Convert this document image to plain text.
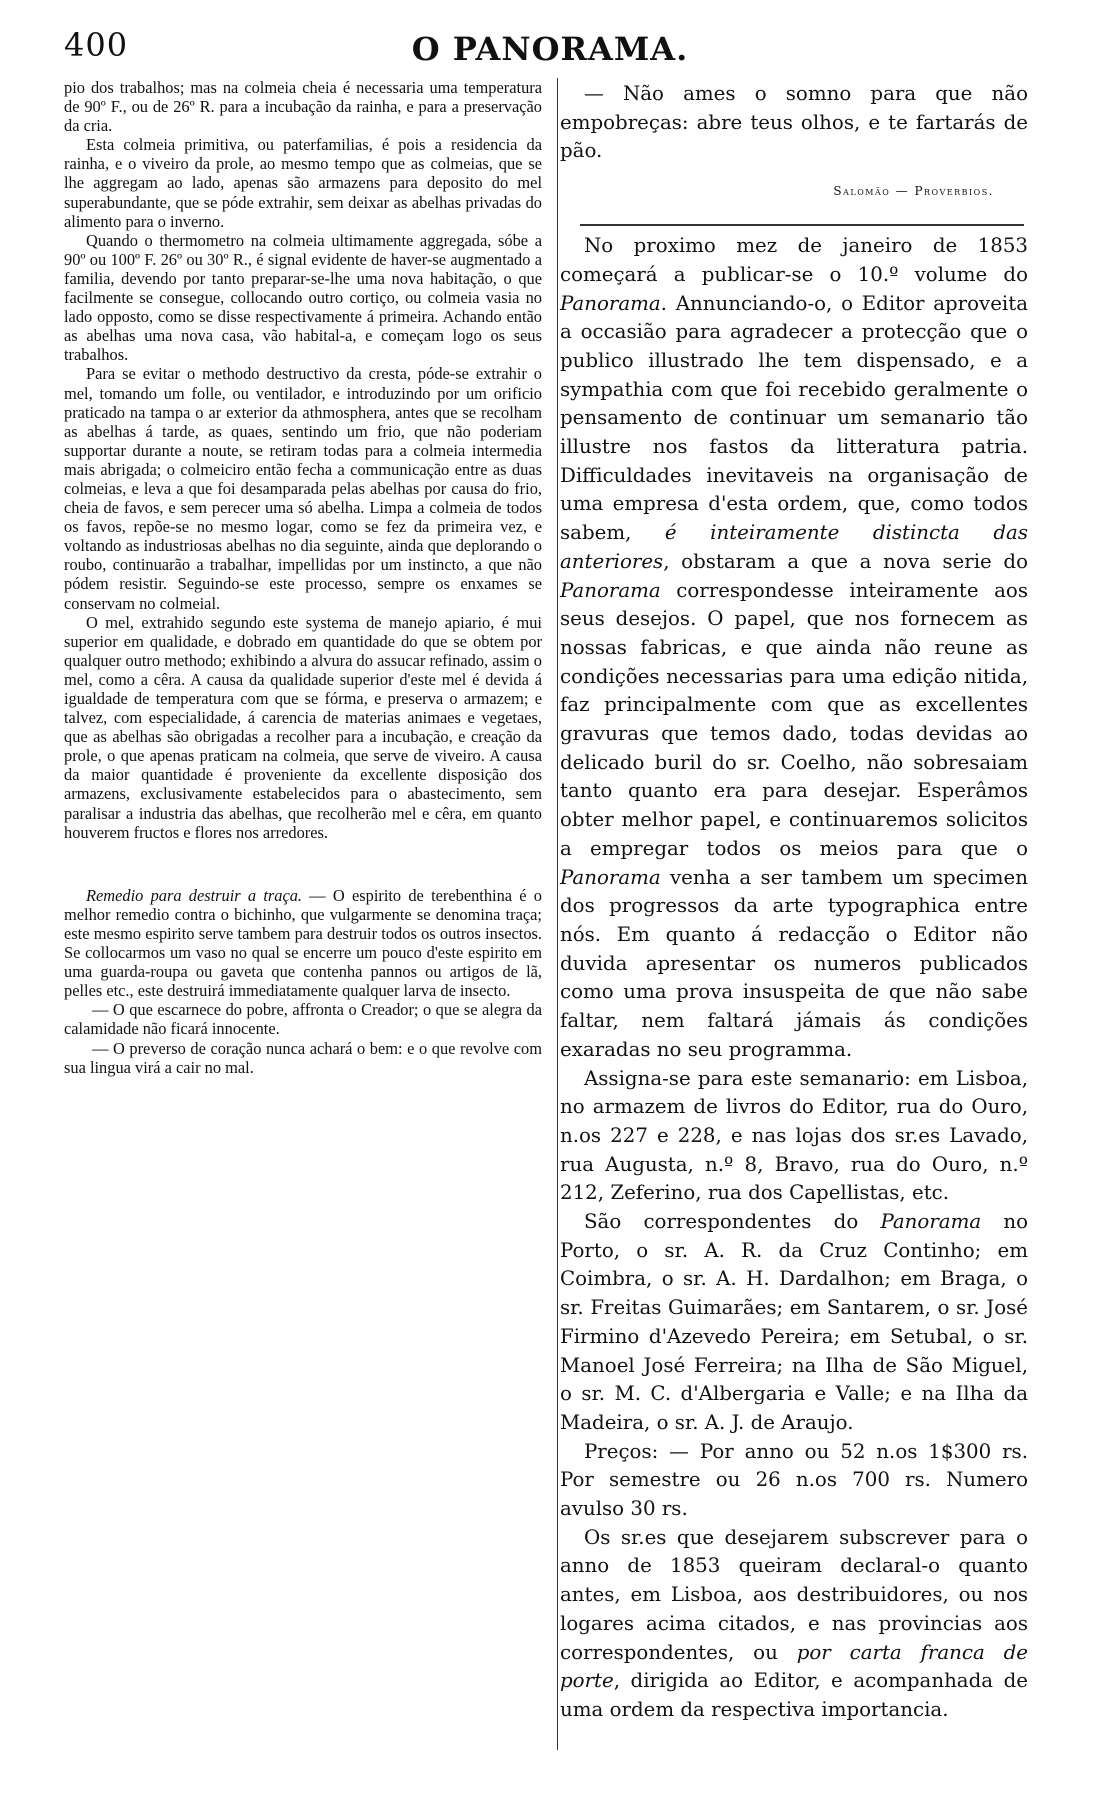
400	O PANORAMA.

pio dos trabalhos; mas na colmeia cheia é necessaria uma temperatura de 90º F., ou de 26º R. para a incubação da rainha, e para a preservação da cria.

Esta colmeia primitiva, ou paterfamilias, é pois a residencia da rainha, e o viveiro da prole, ao mesmo tempo que as colmeias, que se lhe aggregam ao lado, apenas são armazens para deposito do mel superabundante, que se póde extrahir, sem deixar as abelhas privadas do alimento para o inverno.

Quando o thermometro na colmeia ultimamente aggregada, sóbe a 90º ou 100º F. 26º ou 30º R., é signal evidente de haver-se augmentado a familia, devendo por tanto preparar-se-lhe uma nova habitação, o que facilmente se consegue, collocando outro cortiço, ou colmeia vasia no lado opposto, como se disse respectivamente á primeira. Achando então as abelhas uma nova casa, vão habital-a, e começam logo os seus trabalhos.

Para se evitar o methodo destructivo da cresta, póde-se extrahir o mel, tomando um folle, ou ventilador, e introduzindo por um orificio praticado na tampa o ar exterior da athmosphera, antes que se recolham as abelhas á tarde, as quaes, sentindo um frio, que não poderiam supportar durante a noute, se retiram todas para a colmeia intermedia mais abrigada; o colmeiciro então fecha a communicação entre as duas colmeias, e leva a que foi desamparada pelas abelhas por causa do frio, cheia de favos, e sem perecer uma só abelha. Limpa a colmeia de todos os favos, repõe-se no mesmo logar, como se fez da primeira vez, e voltando as industriosas abelhas no dia seguinte, ainda que deplorando o roubo, continuarão a trabalhar, impellidas por um instincto, a que não pódem resistir. Seguindo-se este processo, sempre os enxames se conservam no colmeial.

O mel, extrahido segundo este systema de manejo apiario, é mui superior em qualidade, e dobrado em quantidade do que se obtem por qualquer outro methodo; exhibindo a alvura do assucar refinado, assim o mel, como a cêra. A causa da qualidade superior d'este mel é devida á igualdade de temperatura com que se fórma, e preserva o armazem; e talvez, com especialidade, á carencia de materias animaes e vegetaes, que as abelhas são obrigadas a recolher para a incubação, e creação da prole, o que apenas praticam na colmeia, que serve de viveiro. A causa da maior quantidade é proveniente da excellente disposição dos armazens, exclusivamente estabelecidos para o abastecimento, sem paralisar a industria das abelhas, que recolherão mel e cêra, em quanto houverem fructos e flores nos arredores.

Remedio para destruir a traça. — O espirito de terebenthina é o melhor remedio contra o bichinho, que vulgarmente se denomina traça; este mesmo espirito serve tambem para destruir todos os outros insectos. Se collocarmos um vaso no qual se encerre um pouco d'este espirito em uma guarda-roupa ou gaveta que contenha pannos ou artigos de lã, pelles etc., este destruirá immediatamente qualquer larva de insecto.

— O que escarnece do pobre, affronta o Creador; o que se alegra da calamidade não ficará innocente.

— O preverso de coração nunca achará o bem: e o que revolve com sua lingua virá a cair no mal.

— Não ames o somno para que não empobreças: abre teus olhos, e te fartarás de pão.

Salomão — Proverbios.

No proximo mez de janeiro de 1853 começará a publicar-se o 10.º volume do Panorama. Annunciando-o, o Editor aproveita a occasião para agradecer a protecção que o publico illustrado lhe tem dispensado, e a sympathia com que foi recebido geralmente o pensamento de continuar um semanario tão illustre nos fastos da litteratura patria. Difficuldades inevitaveis na organisação de uma empresa d'esta ordem, que, como todos sabem, é inteiramente distincta das anteriores, obstaram a que a nova serie do Panorama correspondesse inteiramente aos seus desejos. O papel, que nos fornecem as nossas fabricas, e que ainda não reune as condições necessarias para uma edição nitida, faz principalmente com que as excellentes gravuras que temos dado, todas devidas ao delicado buril do sr. Coelho, não sobresaiam tanto quanto era para desejar. Esperâmos obter melhor papel, e continuaremos solicitos a empregar todos os meios para que o Panorama venha a ser tambem um specimen dos progressos da arte typographica entre nós. Em quanto á redacção o Editor não duvida apresentar os numeros publicados como uma prova insuspeita de que não sabe faltar, nem faltará jámais ás condições exaradas no seu programma.

Assigna-se para este semanario: em Lisboa, no armazem de livros do Editor, rua do Ouro, n.os 227 e 228, e nas lojas dos sr.es Lavado, rua Augusta, n.º 8, Bravo, rua do Ouro, n.º 212, Zeferino, rua dos Capellistas, etc.

São correspondentes do Panorama no Porto, o sr. A. R. da Cruz Continho; em Coimbra, o sr. A. H. Dardalhon; em Braga, o sr. Freitas Guimarães; em Santarem, o sr. José Firmino d'Azevedo Pereira; em Setubal, o sr. Manoel José Ferreira; na Ilha de São Miguel, o sr. M. C. d'Albergaria e Valle; e na Ilha da Madeira, o sr. A. J. de Araujo.

Preços: — Por anno ou 52 n.os 1$300 rs. Por semestre ou 26 n.os 700 rs. Numero avulso 30 rs.

Os sr.es que desejarem subscrever para o anno de 1853 queiram declaral-o quanto antes, em Lisboa, aos destribuidores, ou nos logares acima citados, e nas provincias aos correspondentes, ou por carta franca de porte, dirigida ao Editor, e acompanhada de uma ordem da respectiva importancia.
